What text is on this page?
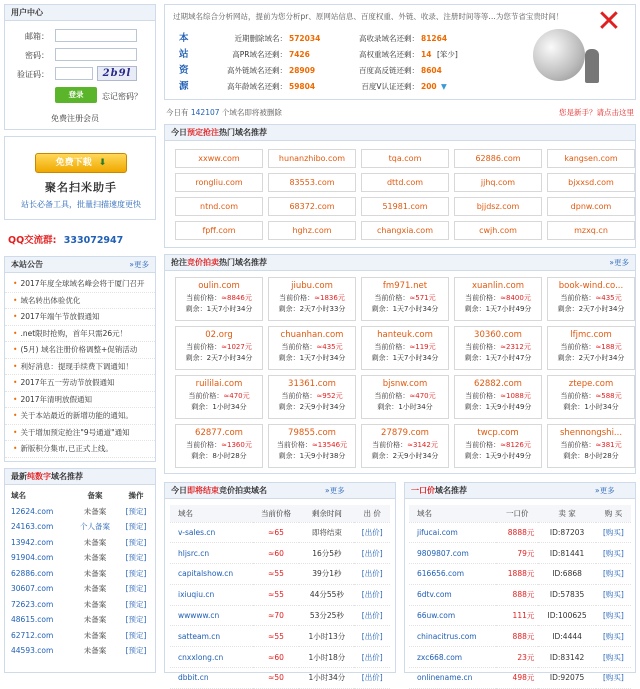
用户中心
邮箱：
密码：
验证码：	2b9l
登录	忘记密码？
免费注册会员
免费下载 ⬇
聚名扫米助手
站长必备工具，批量扫描速度更快
QQ交流群: 333072947
本站公告	»更多
• 2017年度全球域名峰会将于厦门召开
• 域名转出体验优化
• 2017年端午节放假通知
• .net限时抢购，首年只需26元！
• (5月) 域名注册价格调整+促销活动
• 利好消息：提现手续费下调通知！
• 2017年五一劳动节放假通知
• 2017年清明放假通知
• 关于本站最近的新增功能的通知。
• 关于增加预定抢注"9号通道"通知
• 新版积分集市,已正式上线。
最新纯数字域名推荐
域名	备案	操作
12624.com	未备案	[预定]
24163.com	个人备案	[预定]
13942.com	未备案	[预定]
91904.com	未备案	[预定]
62886.com	未备案	[预定]
30607.com	未备案	[预定]
72623.com	未备案	[预定]
48615.com	未备案	[预定]
62712.com	未备案	[预定]
44593.com	未备案	[预定]
过期域名综合分析网站，提前为您分析pr、原网站信息、百度权重、外链、收录、注册时间等等…为您节省宝贵时间！
本
站
资
源
近期删除域名： 572034	高收录域名还剩： 81264
高PR域名还剩： 7426	高权重域名还剩： 14 [笨少]
高外链域名还剩： 28909	百度高反链还剩： 8604
高年龄域名还剩： 59804	百度V认证还剩： 200 ▼
✕
今日有 142107 个域名即将被删除	您是新手？请点击这里
今日预定抢注热门域名推荐
xxww.com	hunanzhibo.com	tqa.com	62886.com	kangsen.com
rongliu.com	83553.com	dttd.com	jjhq.com	bjxxsd.com
ntnd.com	68372.com	51981.com	bjjdsz.com	dpnw.com
fpff.com	hghz.com	changxia.com	cwjh.com	mzxq.cn
抢注竞价拍卖热门域名推荐	»更多
oulin.com
当前价格：≈8846元
剩余：1天7小时34分
jiubu.com
当前价格：≈1836元
剩余：2天7小时33分
fm971.net
当前价格：≈571元
剩余：1天7小时34分
xuanlin.com
当前价格：≈8400元
剩余：1天7小时49分
book-wind.co...
当前价格：≈435元
剩余：2天7小时34分
02.org
当前价格：≈1027元
剩余：2天7小时34分
chuanhan.com
当前价格：≈435元
剩余：1天7小时34分
hanteuk.com
当前价格：≈119元
剩余：1天7小时34分
30360.com
当前价格：≈2312元
剩余：1天7小时47分
lfjmc.com
当前价格：≈188元
剩余：2天7小时34分
ruililai.com
当前价格：≈470元
剩余：1小时34分
31361.com
当前价格：≈952元
剩余：2天9小时34分
bjsnw.com
当前价格：≈470元
剩余：1小时34分
62882.com
当前价格：≈1088元
剩余：1天9小时49分
ztepe.com
当前价格：≈588元
剩余：1小时34分
62877.com
当前价格：≈1360元
剩余：8小时28分
79855.com
当前价格：≈13546元
剩余：1天9小时38分
27879.com
当前价格：≈3142元
剩余：2天9小时34分
twcp.com
当前价格：≈8126元
剩余：1天9小时49分
shennongshi...
当前价格：≈381元
剩余：8小时28分
今日即将结束竞价拍卖域名	»更多
域名	当前价格	剩余时间	出 价
v-sales.cn	≈65	即将结束	[出价]
hljsrc.cn	≈60	16分5秒	[出价]
capitalshow.cn	≈55	39分1秒	[出价]
ixiuqiu.cn	≈55	44分55秒	[出价]
wwwww.cn	≈70	53分25秒	[出价]
satteam.cn	≈55	1小时13分	[出价]
cnxxlong.cn	≈60	1小时18分	[出价]
dbbit.cn	≈50	1小时34分	[出价]
一口价域名推荐	»更多
域名	一口价	卖 家	购 买
jifucai.com	8888元	ID:87203	[购买]
9809807.com	79元	ID:81441	[购买]
616656.com	1888元	ID:6868	[购买]
6dtv.com	888元	ID:57835	[购买]
66uw.com	111元	ID:100625	[购买]
chinacitrus.com	888元	ID:4444	[购买]
zxc668.com	23元	ID:83142	[购买]
onlinename.cn	498元	ID:92075	[购买]
